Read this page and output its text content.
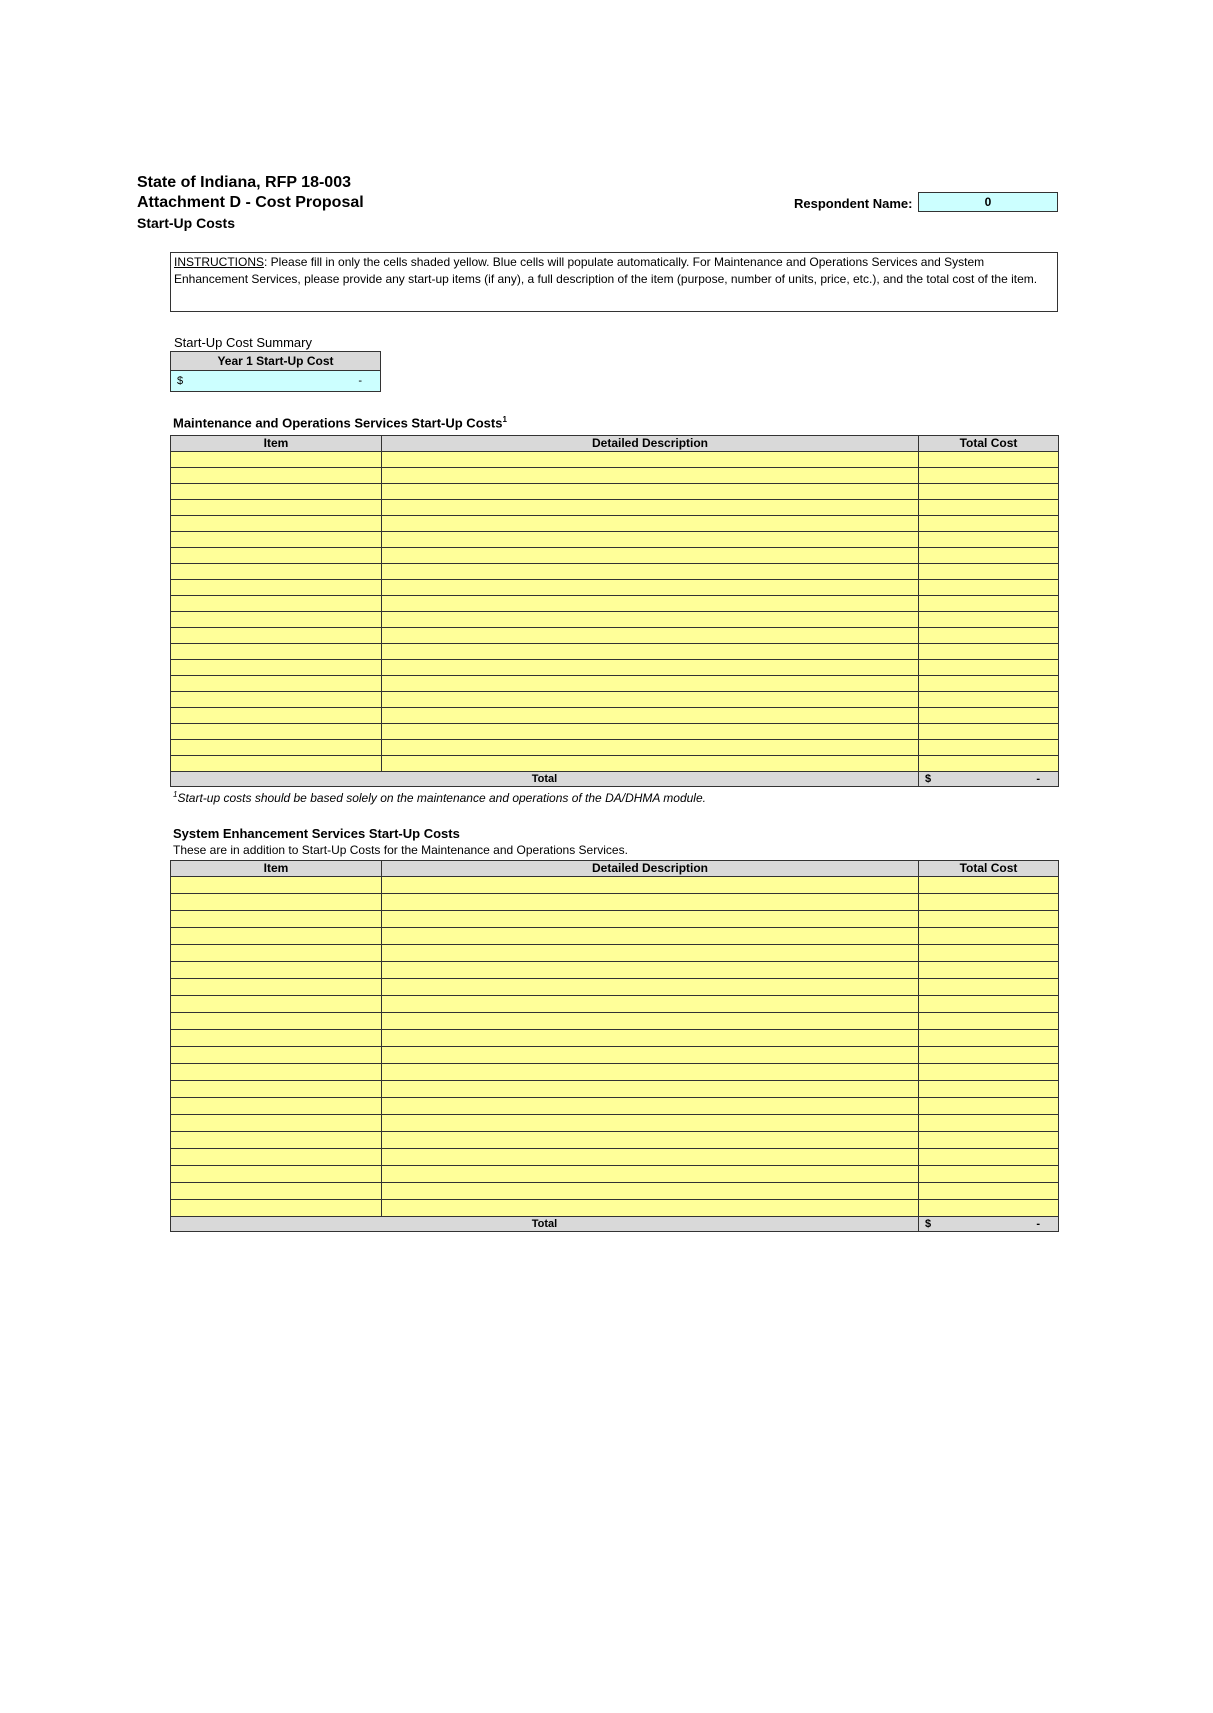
State of Indiana, RFP 18-003
Attachment D - Cost Proposal
Start-Up Costs
Respondent Name:	0
INSTRUCTIONS: Please fill in only the cells shaded yellow. Blue cells will populate automatically. For Maintenance and Operations Services and System Enhancement Services, please provide any start-up items (if any), a full description of the item (purpose, number of units, price, etc.), and the total cost of the item.
Start-Up Cost Summary
Year 1 Start-Up Cost
$	-
Maintenance and Operations Services Start-Up Costs$^1$
Item	Detailed Description	Total Cost

Total		$ -
$^1$Start-up costs should be based solely on the maintenance and operations of the DA/DHMA module.
System Enhancement Services Start-Up Costs
These are in addition to Start-Up Costs for the Maintenance and Operations Services.
Item	Detailed Description	Total Cost

Total		$ -
